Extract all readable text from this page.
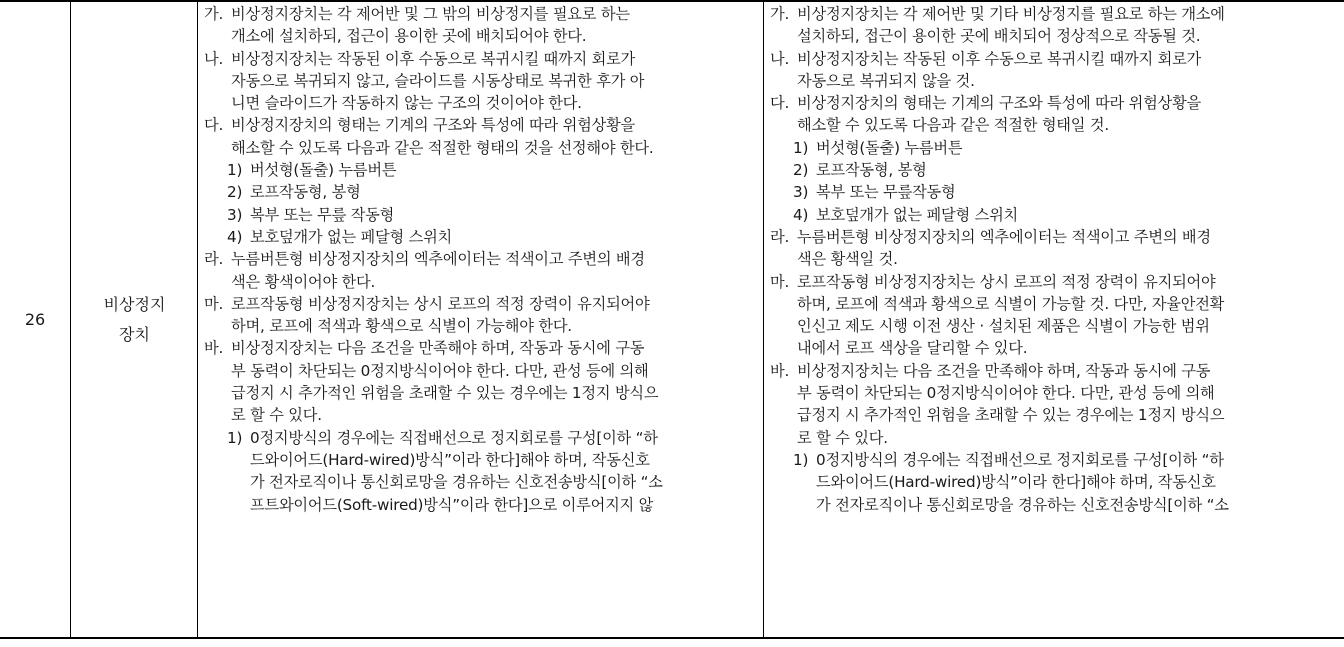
26
비상정지
장치
가. 비상정지장치는 각 제어반 및 그 밖의 비상정지를 필요로 하는
개소에 설치하되, 접근이 용이한 곳에 배치되어야 한다.
나. 비상정지장치는 작동된 이후 수동으로 복귀시킬 때까지 회로가
자동으로 복귀되지 않고, 슬라이드를 시동상태로 복귀한 후가 아
니면 슬라이드가 작동하지 않는 구조의 것이어야 한다.
다. 비상정지장치의 형태는 기계의 구조와 특성에 따라 위험상황을
해소할 수 있도록 다음과 같은 적절한 형태의 것을 선정해야 한다.
1) 버섯형(돌출) 누름버튼
2) 로프작동형, 봉형
3) 복부 또는 무릎 작동형
4) 보호덮개가 없는 페달형 스위치
라. 누름버튼형 비상정지장치의 엑추에이터는 적색이고 주변의 배경
색은 황색이어야 한다.
마. 로프작동형 비상정지장치는 상시 로프의 적정 장력이 유지되어야
하며, 로프에 적색과 황색으로 식별이 가능해야 한다.
바. 비상정지장치는 다음 조건을 만족해야 하며, 작동과 동시에 구동
부 동력이 차단되는 0정지방식이어야 한다. 다만, 관성 등에 의해
급정지 시 추가적인 위험을 초래할 수 있는 경우에는 1정지 방식으
로 할 수 있다.
1) 0정지방식의 경우에는 직접배선으로 정지회로를 구성[이하 “하
드와이어드(Hard-wired)방식”이라 한다]해야 하며, 작동신호
가 전자로직이나 통신회로망을 경유하는 신호전송방식[이하 “소
프트와이어드(Soft-wired)방식”이라 한다]으로 이루어지지 않
가. 비상정지장치는 각 제어반 및 기타 비상정지를 필요로 하는 개소에
설치하되, 접근이 용이한 곳에 배치되어 정상적으로 작동될 것.
나. 비상정지장치는 작동된 이후 수동으로 복귀시킬 때까지 회로가
자동으로 복귀되지 않을 것.
다. 비상정지장치의 형태는 기계의 구조와 특성에 따라 위험상황을
해소할 수 있도록 다음과 같은 적절한 형태일 것.
1) 버섯형(돌출) 누름버튼
2) 로프작동형, 봉형
3) 복부 또는 무릎작동형
4) 보호덮개가 없는 페달형 스위치
라. 누름버튼형 비상정지장치의 엑추에이터는 적색이고 주변의 배경
색은 황색일 것.
마. 로프작동형 비상정지장치는 상시 로프의 적정 장력이 유지되어야
하며, 로프에 적색과 황색으로 식별이 가능할 것. 다만, 자율안전확
인신고 제도 시행 이전 생산 · 설치된 제품은 식별이 가능한 범위
내에서 로프 색상을 달리할 수 있다.
바. 비상정지장치는 다음 조건을 만족해야 하며, 작동과 동시에 구동
부 동력이 차단되는 0정지방식이어야 한다. 다만, 관성 등에 의해
급정지 시 추가적인 위험을 초래할 수 있는 경우에는 1정지 방식으
로 할 수 있다.
1) 0정지방식의 경우에는 직접배선으로 정지회로를 구성[이하 “하
드와이어드(Hard-wired)방식”이라 한다]해야 하며, 작동신호
가 전자로직이나 통신회로망을 경유하는 신호전송방식[이하 “소
